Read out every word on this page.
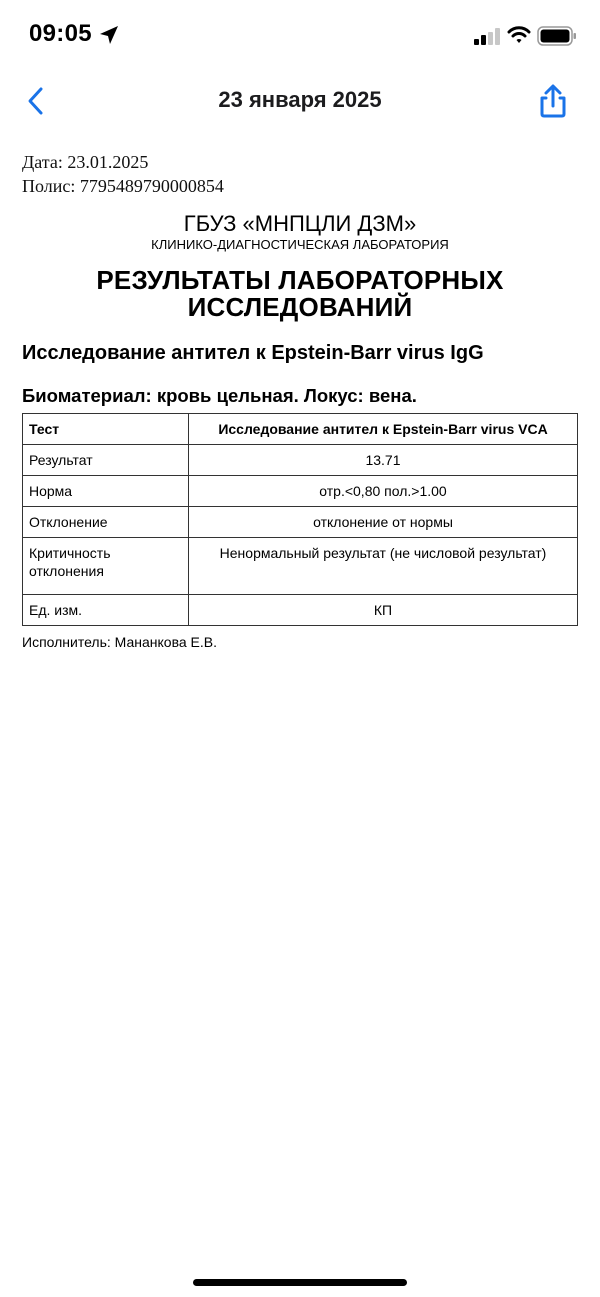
09:05
23 января 2025
Дата: 23.01.2025
Полис: 7795489790000854
ГБУЗ «МНПЦЛИ ДЗМ»
КЛИНИКО-ДИАГНОСТИЧЕСКАЯ ЛАБОРАТОРИЯ
РЕЗУЛЬТАТЫ ЛАБОРАТОРНЫХ
ИССЛЕДОВАНИЙ
Исследование антител к Epstein-Barr virus IgG
Биоматериал: кровь цельная. Локус: вена.
Тест	Исследование антител к Epstein-Barr virus VCA
Результат	13.71
Норма	отр.<0,80 пол.>1.00
Отклонение	отклонение от нормы
Критичность отклонения	Ненормальный результат (не числовой результат)
Ед. изм.	КП
Исполнитель: Мананкова Е.В.
